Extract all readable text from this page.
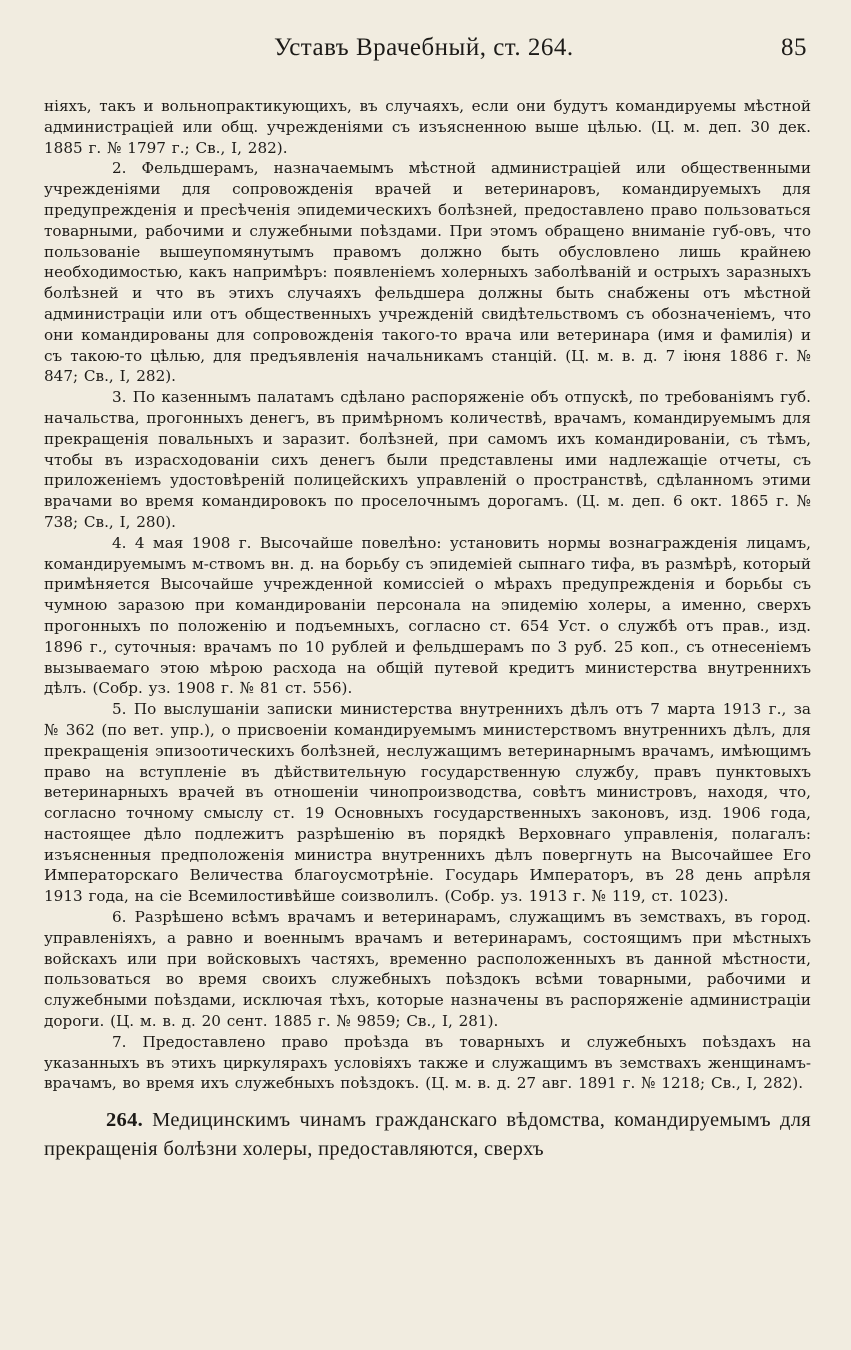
Уставъ Врачебный, ст. 264.	85

ніяхъ, такъ и вольнопрактикующихъ, въ случаяхъ, если они будутъ командируемы мѣстной администраціей или общ. учрежденіями съ изъясненною выше цѣлью. (Ц. м. деп. 30 дек. 1885 г. № 1797 г.; Св., I, 282).

2. Фельдшерамъ, назначаемымъ мѣстной администраціей или общественными учрежденіями для сопровожденія врачей и ветеринаровъ, командируемыхъ для предупрежденія и пресѣченія эпидемическихъ болѣзней, предоставлено право пользоваться товарными, рабочими и служебными поѣздами. При этомъ обращено вниманіе губ-овъ, что пользованіе вышеупомянутымъ правомъ должно быть обусловлено лишь крайнею необходимостью, какъ напримѣръ: появленіемъ холерныхъ заболѣваній и острыхъ заразныхъ болѣзней и что въ этихъ случаяхъ фельдшера должны быть снабжены отъ мѣстной администраціи или отъ общественныхъ учрежденій свидѣтельствомъ съ обозначеніемъ, что они командированы для сопровожденія такого-то врача или ветеринара (имя и фамилія) и съ такою-то цѣлью, для предъявленія начальникамъ станцій. (Ц. м. в. д. 7 іюня 1886 г. № 847; Св., I, 282).

3. По казеннымъ палатамъ сдѣлано распоряженіе объ отпускѣ, по требованіямъ губ. начальства, прогонныхъ денегъ, въ примѣрномъ количествѣ, врачамъ, командируемымъ для прекращенія повальныхъ и заразит. болѣзней, при самомъ ихъ командированіи, съ тѣмъ, чтобы въ израсходованіи сихъ денегъ были представлены ими надлежащіе отчеты, съ приложеніемъ удостовѣреній полицейскихъ управленій о пространствѣ, сдѣланномъ этими врачами во время командировокъ по проселочнымъ дорогамъ. (Ц. м. деп. 6 окт. 1865 г. № 738; Св., I, 280).

4. 4 мая 1908 г. Высочайше повелѣно: установить нормы вознагражденія лицамъ, командируемымъ м-ствомъ вн. д. на борьбу съ эпидеміей сыпнаго тифа, въ размѣрѣ, который примѣняется Высочайше учрежденной комиссіей о мѣрахъ предупрежденія и борьбы съ чумною заразою при командированіи персонала на эпидемію холеры, а именно, сверхъ прогонныхъ по положенію и подъемныхъ, согласно ст. 654 Уст. о службѣ отъ прав., изд. 1896 г., суточныя: врачамъ по 10 рублей и фельдшерамъ по 3 руб. 25 коп., съ отнесеніемъ вызываемаго этою мѣрою расхода на общій путевой кредитъ министерства внутреннихъ дѣлъ. (Собр. уз. 1908 г. № 81 ст. 556).

5. По выслушаніи записки министерства внутреннихъ дѣлъ отъ 7 марта 1913 г., за № 362 (по вет. упр.), о присвоеніи командируемымъ министерствомъ внутреннихъ дѣлъ, для прекращенія эпизоотическихъ болѣзней, неслужащимъ ветеринарнымъ врачамъ, имѣющимъ право на вступленіе въ дѣйствительную государственную службу, правъ пунктовыхъ ветеринарныхъ врачей въ отношеніи чинопроизводства, совѣтъ министровъ, находя, что, согласно точному смыслу ст. 19 Основныхъ государственныхъ законовъ, изд. 1906 года, настоящее дѣло подлежитъ разрѣшенію въ порядкѣ Верховнаго управленія, полагалъ: изъясненныя предположенія министра внутреннихъ дѣлъ повергнуть на Высочайшее Его Императорскаго Величества благоусмотрѣніе. Государь Императоръ, въ 28 день апрѣля 1913 года, на сіе Всемилостивѣйше соизволилъ. (Собр. уз. 1913 г. № 119, ст. 1023).

6. Разрѣшено всѣмъ врачамъ и ветеринарамъ, служащимъ въ земствахъ, въ город. управленіяхъ, а равно и военнымъ врачамъ и ветеринарамъ, состоящимъ при мѣстныхъ войскахъ или при войсковыхъ частяхъ, временно расположенныхъ въ данной мѣстности, пользоваться во время своихъ служебныхъ поѣздокъ всѣми товарными, рабочими и служебными поѣздами, исключая тѣхъ, которые назначены въ распоряженіе администраціи дороги. (Ц. м. в. д. 20 сент. 1885 г. № 9859; Св., I, 281).

7. Предоставлено право проѣзда въ товарныхъ и служебныхъ поѣздахъ на указанныхъ въ этихъ циркулярахъ условіяхъ также и служащимъ въ земствахъ женщинамъ-врачамъ, во время ихъ служебныхъ поѣздокъ. (Ц. м. в. д. 27 авг. 1891 г. № 1218; Св., I, 282).

264. Медицинскимъ чинамъ гражданскаго вѣдомства, командируемымъ для прекращенія болѣзни холеры, предоставляются, сверхъ
